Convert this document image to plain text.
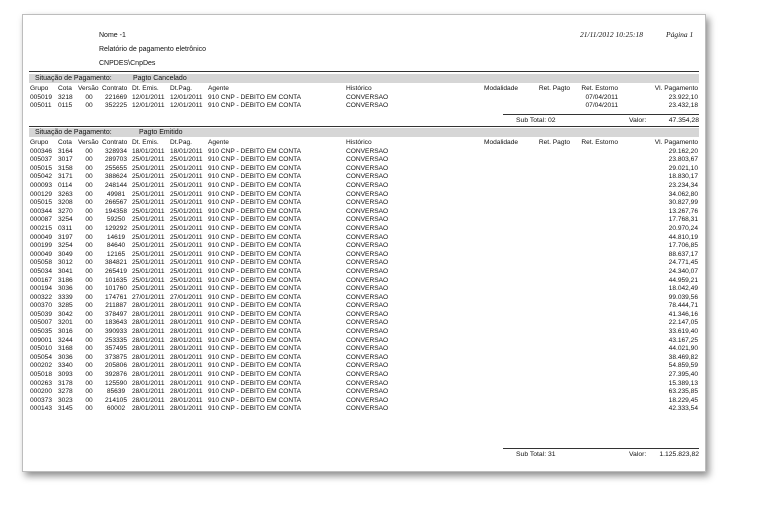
Nome -1	21/11/2012 10:25:18	Página 1
Relatório de pagamento eletrônico
CNPDES\CnpDes
Situação de Pagamento:	Pagto Cancelado
Grupo	Cota	Versão	Contrato	Dt. Emis.	Dt.Pag.	Agente	Histórico	Modalidade	Ret. Pagto	Ret. Estorno	Vl. Pagamento
005019	3218	00	221669	12/01/2011	12/01/2011	910 CNP - DÉBITO EM CONTA	CONVERSAO			07/04/2011	23.922,10
005011	0115	00	352225	12/01/2011	12/01/2011	910 CNP - DÉBITO EM CONTA	CONVERSAO			07/04/2011	23.432,18
Sub Total: 02	Valor:	47.354,28
Situação de Pagamento:	Pagto Emitido
Grupo	Cota	Versão	Contrato	Dt. Emis.	Dt.Pag.	Agente	Histórico	Modalidade	Ret. Pagto	Ret. Estorno	Vl. Pagamento
000346	3164	00	328934	18/01/2011	18/01/2011	910 CNP - DÉBITO EM CONTA	CONVERSAO				29.162,20
005037	3017	00	289703	25/01/2011	25/01/2011	910 CNP - DÉBITO EM CONTA	CONVERSAO				23.803,67
005015	3158	00	255655	25/01/2011	25/01/2011	910 CNP - DÉBITO EM CONTA	CONVERSAO				29.021,10
005042	3171	00	388624	25/01/2011	25/01/2011	910 CNP - DÉBITO EM CONTA	CONVERSAO				18.830,17
000093	0114	00	248144	25/01/2011	25/01/2011	910 CNP - DÉBITO EM CONTA	CONVERSAO				23.234,34
000129	3263	00	49981	25/01/2011	25/01/2011	910 CNP - DÉBITO EM CONTA	CONVERSAO				34.062,80
005015	3208	00	266567	25/01/2011	25/01/2011	910 CNP - DÉBITO EM CONTA	CONVERSAO				30.827,99
000344	3270	00	194358	25/01/2011	25/01/2011	910 CNP - DÉBITO EM CONTA	CONVERSAO				13.267,76
000087	3254	00	59250	25/01/2011	25/01/2011	910 CNP - DÉBITO EM CONTA	CONVERSAO				17.768,31
000215	0311	00	129292	25/01/2011	25/01/2011	910 CNP - DÉBITO EM CONTA	CONVERSAO				20.970,24
000049	3197	00	14619	25/01/2011	25/01/2011	910 CNP - DÉBITO EM CONTA	CONVERSAO				44.810,19
000199	3254	00	84640	25/01/2011	25/01/2011	910 CNP - DÉBITO EM CONTA	CONVERSAO				17.706,85
000049	3049	00	12165	25/01/2011	25/01/2011	910 CNP - DÉBITO EM CONTA	CONVERSAO				88.637,17
005058	3012	00	384821	25/01/2011	25/01/2011	910 CNP - DÉBITO EM CONTA	CONVERSAO				24.771,45
005034	3041	00	265419	25/01/2011	25/01/2011	910 CNP - DÉBITO EM CONTA	CONVERSAO				24.340,07
000167	3186	00	101635	25/01/2011	25/01/2011	910 CNP - DÉBITO EM CONTA	CONVERSAO				44.959,21
000194	3036	00	101760	25/01/2011	25/01/2011	910 CNP - DÉBITO EM CONTA	CONVERSAO				18.042,49
000322	3339	00	174761	27/01/2011	27/01/2011	910 CNP - DÉBITO EM CONTA	CONVERSAO				99.039,56
000370	3285	00	211887	28/01/2011	28/01/2011	910 CNP - DÉBITO EM CONTA	CONVERSAO				78.444,71
005039	3042	00	378497	28/01/2011	28/01/2011	910 CNP - DÉBITO EM CONTA	CONVERSAO				41.346,16
005007	3201	00	183643	28/01/2011	28/01/2011	910 CNP - DÉBITO EM CONTA	CONVERSAO				22.147,05
005035	3016	00	390933	28/01/2011	28/01/2011	910 CNP - DÉBITO EM CONTA	CONVERSAO				33.619,40
009001	3244	00	253335	28/01/2011	28/01/2011	910 CNP - DÉBITO EM CONTA	CONVERSAO				43.167,25
005010	3168	00	357495	28/01/2011	28/01/2011	910 CNP - DÉBITO EM CONTA	CONVERSAO				44.021,90
005054	3036	00	373875	28/01/2011	28/01/2011	910 CNP - DÉBITO EM CONTA	CONVERSAO				38.469,82
000202	3340	00	205806	28/01/2011	28/01/2011	910 CNP - DÉBITO EM CONTA	CONVERSAO				54.859,59
005018	3093	00	392876	28/01/2011	28/01/2011	910 CNP - DÉBITO EM CONTA	CONVERSAO				27.395,40
000263	3178	00	125590	28/01/2011	28/01/2011	910 CNP - DÉBITO EM CONTA	CONVERSAO				15.389,13
000200	3278	00	85639	28/01/2011	28/01/2011	910 CNP - DÉBITO EM CONTA	CONVERSAO				63.235,85
000373	3023	00	214105	28/01/2011	28/01/2011	910 CNP - DÉBITO EM CONTA	CONVERSAO				18.229,45
000143	3145	00	60002	28/01/2011	28/01/2011	910 CNP - DÉBITO EM CONTA	CONVERSAO				42.333,54
Sub Total: 31	Valor: 1.125.823,82
